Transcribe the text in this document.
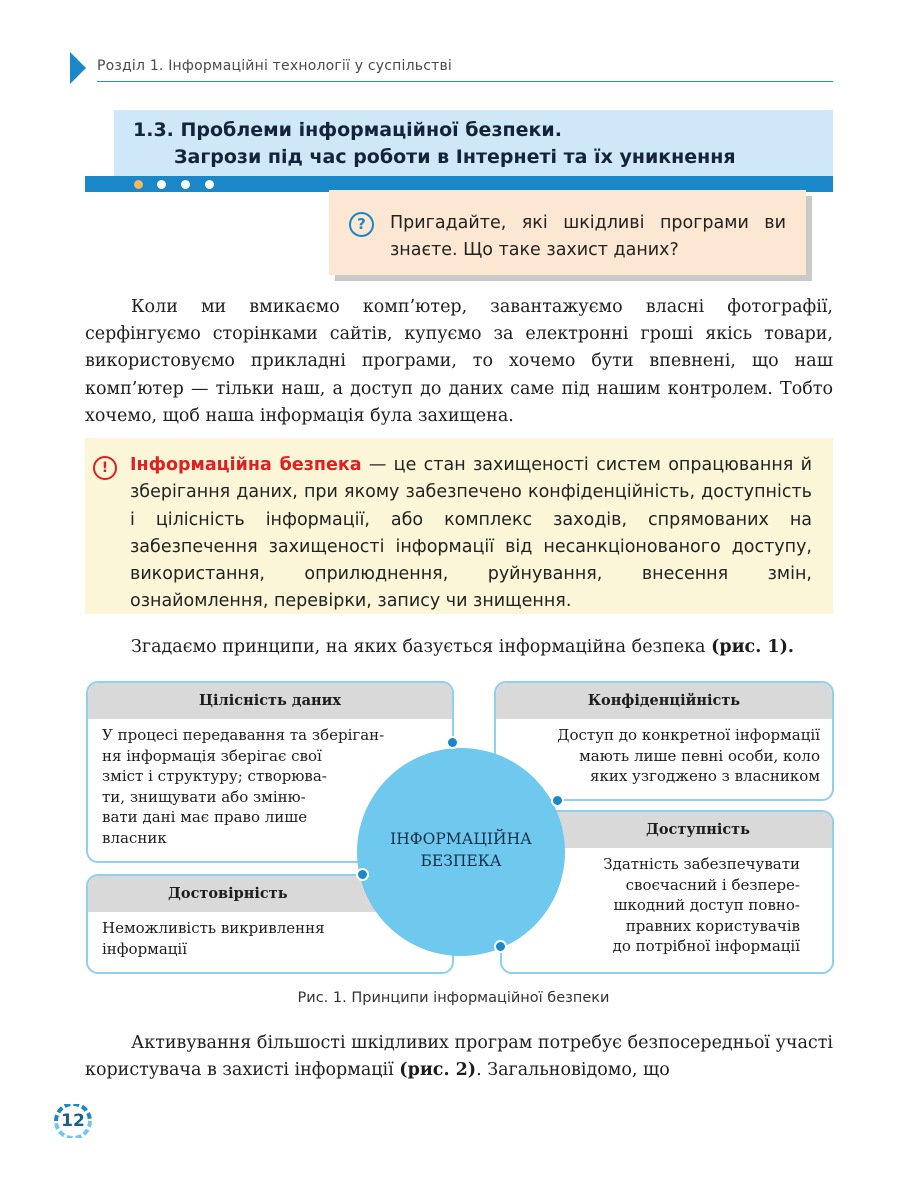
Розділ 1. Інформаційні технології у суспільстві
1.3. Проблеми інформаційної безпеки.
Загрози під час роботи в Інтернеті та їх уникнення
?	Пригадайте, які шкідливі програми ви знаєте. Що таке захист даних?
Коли ми вмикаємо комп’ютер, завантажуємо власні фотографії, серфінгуємо сторінками сайтів, купуємо за електронні гроші якісь товари, використовуємо прикладні програми, то хочемо бути впевнені, що наш комп’ютер — тільки наш, а доступ до даних саме під нашим контролем. Тобто хочемо, щоб наша інформація була захищена.
!	Інформаційна безпека — це стан захищеності систем опрацювання й зберігання даних, при якому забезпечено конфіденційність, доступність і цілісність інформації, або комплекс заходів, спрямованих на забезпечення захищеності інформації від несанкціонованого доступу, використання, оприлюднення, руйнування, внесення змін, ознайомлення, перевірки, запису чи знищення.
Згадаємо принципи, на яких базується інформаційна безпека (рис. 1).
Цілісність даних
У процесі передавання та зберіган-
ня інформація зберігає свої
зміст і структуру; створюва-
ти, знищувати або зміню-
вати дані має право лише
власник
Конфіденційність
Доступ до конкретної інформації
мають лише певні особи, коло
яких узгоджено з власником
Доступність
Здатність забезпечувати
своєчасний і безпере-
шкодний доступ повно-
правних користувачів
до потрібної інформації
Достовірність
Неможливість викривлення
інформації
ІНФОРМАЦІЙНА
БЕЗПЕКА
Рис. 1. Принципи інформаційної безпеки
Активування більшості шкідливих програм потребує безпосередньої участі користувача в захисті інформації (рис. 2). Загальновідомо, що
12
